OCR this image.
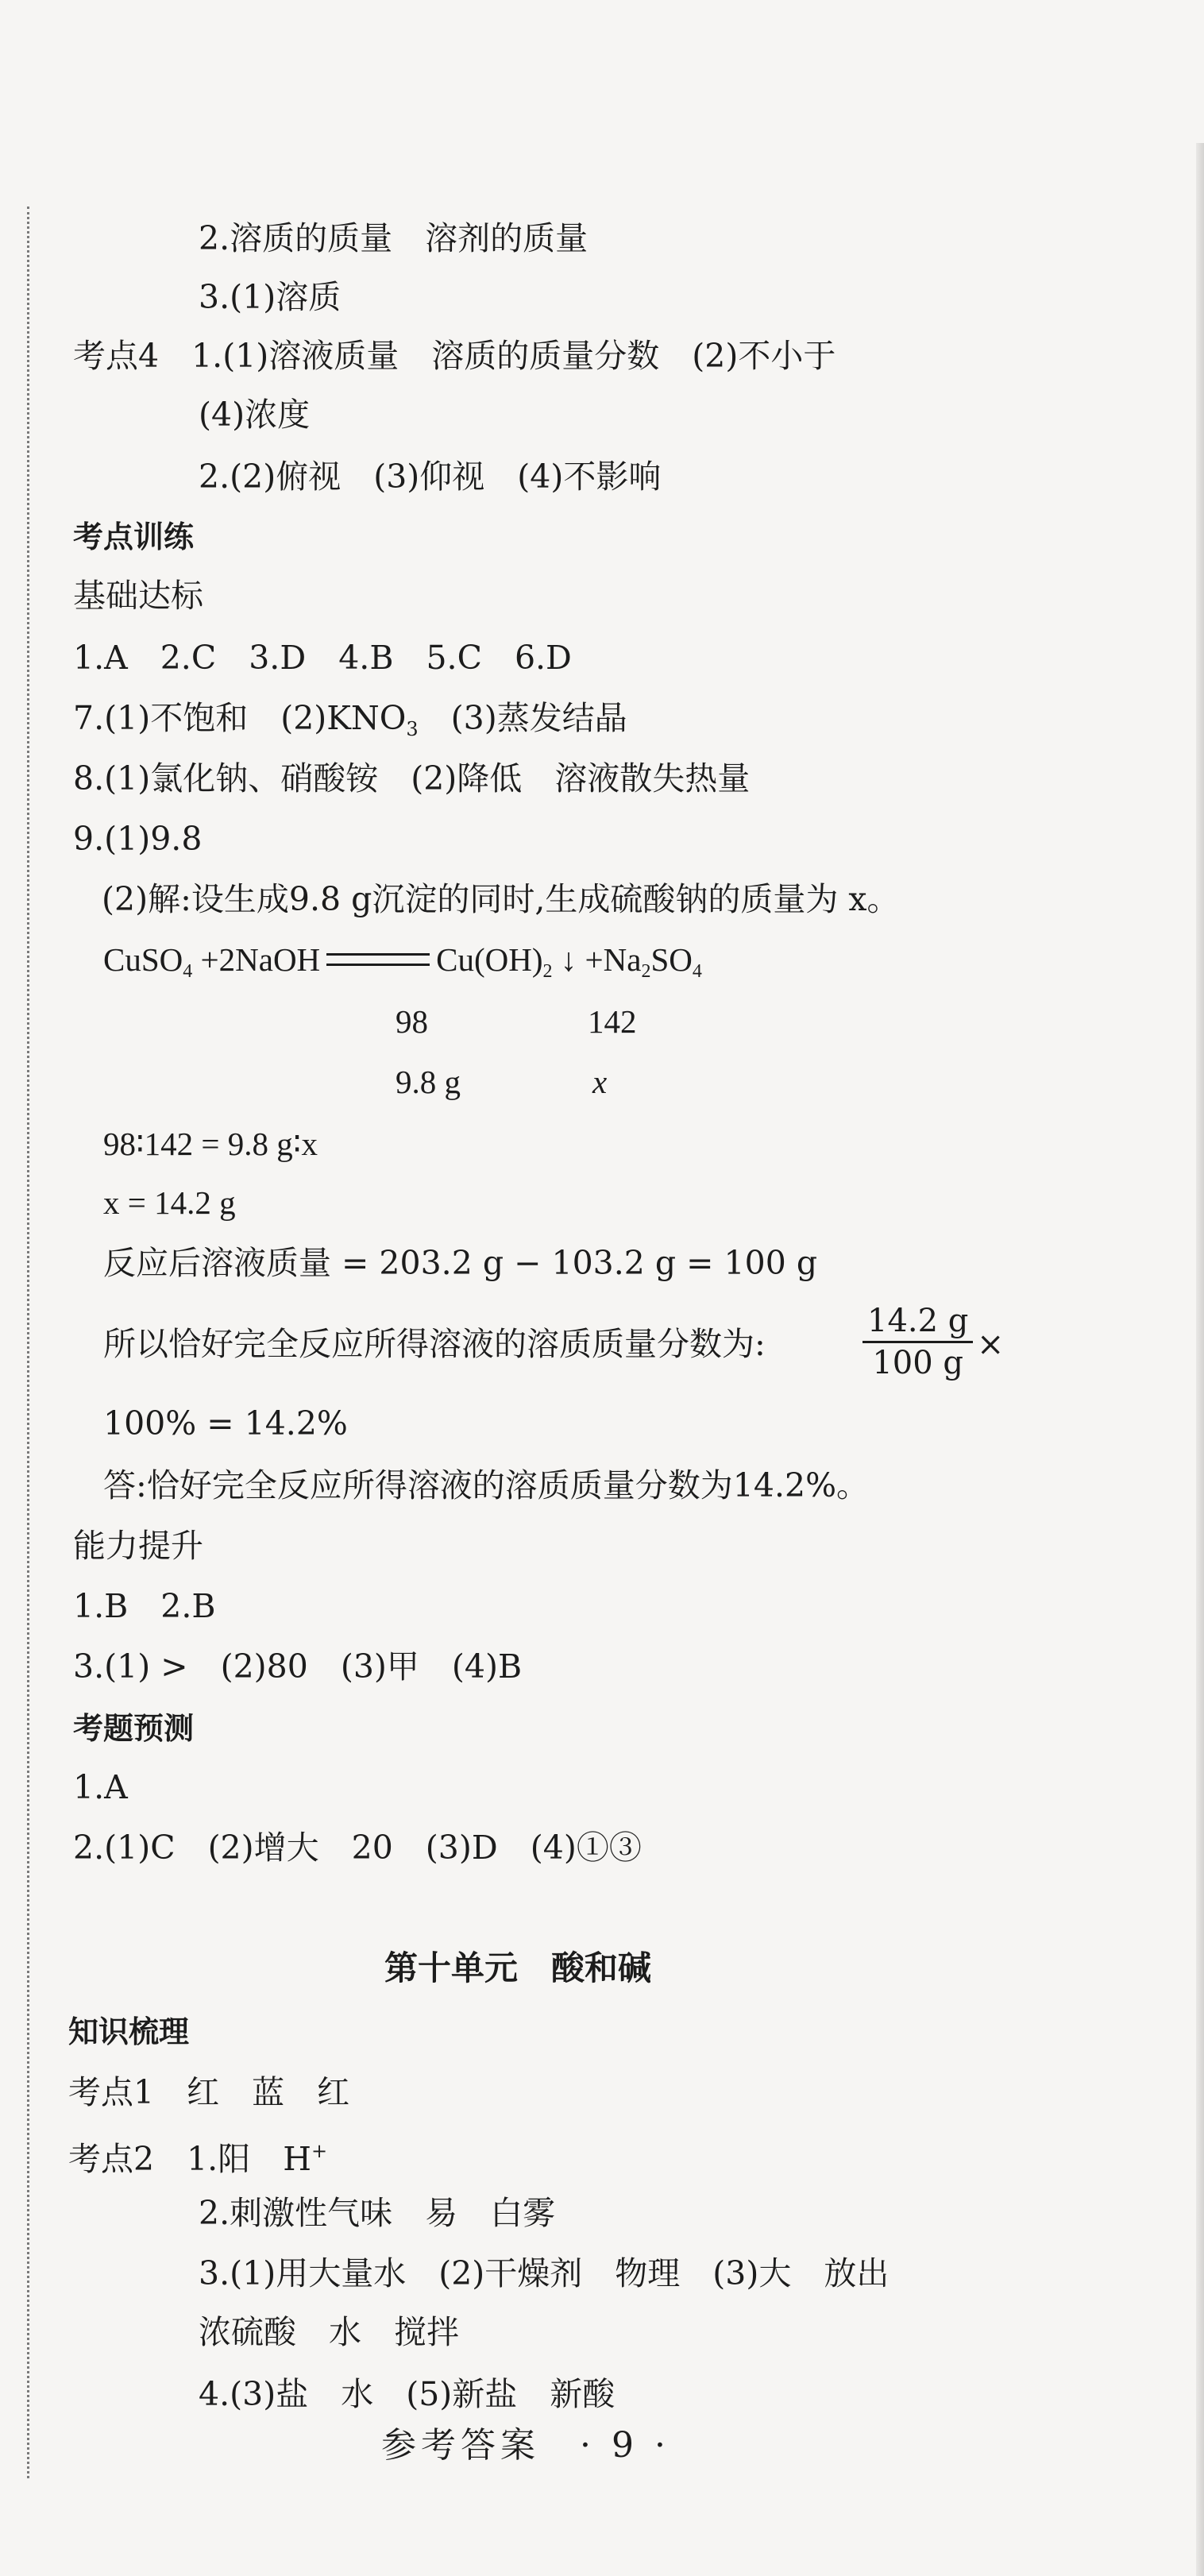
2.溶质的质量　溶剂的质量
3.(1)溶质
考点4　1.(1)溶液质量　溶质的质量分数　(2)不小于
(4)浓度
2.(2)俯视　(3)仰视　(4)不影响
考点训练
基础达标
1.A　2.C　3.D　4.B　5.C　6.D
7.(1)不饱和　$(2)KNO_3$　(3)蒸发结晶
8.(1)氯化钠、硝酸铵　(2)降低　溶液散失热量
9.(1)9.8
(2)解:设生成9.8 g沉淀的同时,生成硫酸钠的质量为 x。
CuSO$_4$ +2NaOH	$Cu(OH)_2$ ↓ $+Na_2SO_4$
98	142
9.8 g	x
98∶142 = 9.8 g∶x
x = 14.2 g
反应后溶液质量 = 203.2 g − 103.2 g = 100 g
所以恰好完全反应所得溶液的溶质质量分数为:	$\frac{14.2 g}{100 g}$ ×
100% = 14.2%
答:恰好完全反应所得溶液的溶质质量分数为14.2%。
能力提升
1.B　2.B
3.(1) >　(2)80　(3)甲　(4)B
考题预测
1.A
2.(1)C　(2)增大　20　(3)D　(4)①③
第十单元　酸和碱
知识梳理
考点1　红　蓝　红
考点2　1.阳　H+
2.刺激性气味　易　白雾
3.(1)用大量水　(2)干燥剂　物理　(3)大　放出
浓硫酸　水　搅拌
4.(3)盐　水　(5)新盐　新酸
参考答案　· 9 ·
